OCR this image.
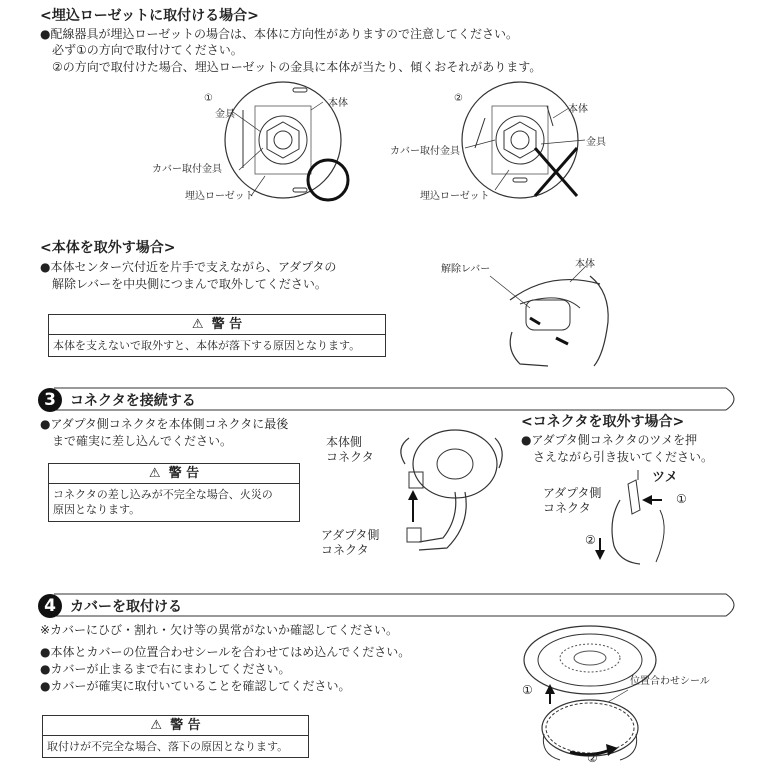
<埋込ローゼットに取付ける場合>
●配線器具が埋込ローゼットの場合は、本体に方向性がありますので注意してください。
必ず①の方向で取付けてください。
②の方向で取付けた場合、埋込ローゼットの金具に本体が当たり、傾くおそれがあります。
①
金具
本体
カバー取付金具
埋込ローゼット
②
本体
金具
カバー取付金具
埋込ローゼット
<本体を取外す場合>
●本体センター穴付近を片手で支えながら、アダプタの
解除レバーを中央側につまんで取外してください。
⚠ 警 告
本体を支えないで取外すと、本体が落下する原因となります。
解除レバー	本体
3	コネクタを接続する
●アダプタ側コネクタを本体側コネクタに最後
まで確実に差し込んでください。
⚠ 警 告
コネクタの差し込みが不完全な場合、火災の
原因となります。
本体側
コネクタ
アダプタ側
コネクタ
<コネクタを取外す場合>
●アダプタ側コネクタのツメを押
さえながら引き抜いてください。
ツメ
アダプタ側
コネクタ
①
②
4	カバーを取付ける
※カバーにひび・割れ・欠け等の異常がないか確認してください。
●本体とカバーの位置合わせシールを合わせてはめ込んでください。
●カバーが止まるまで右にまわしてください。
●カバーが確実に取付いていることを確認してください。
⚠ 警 告
取付けが不完全な場合、落下の原因となります。
位置合わせシール
①
②
